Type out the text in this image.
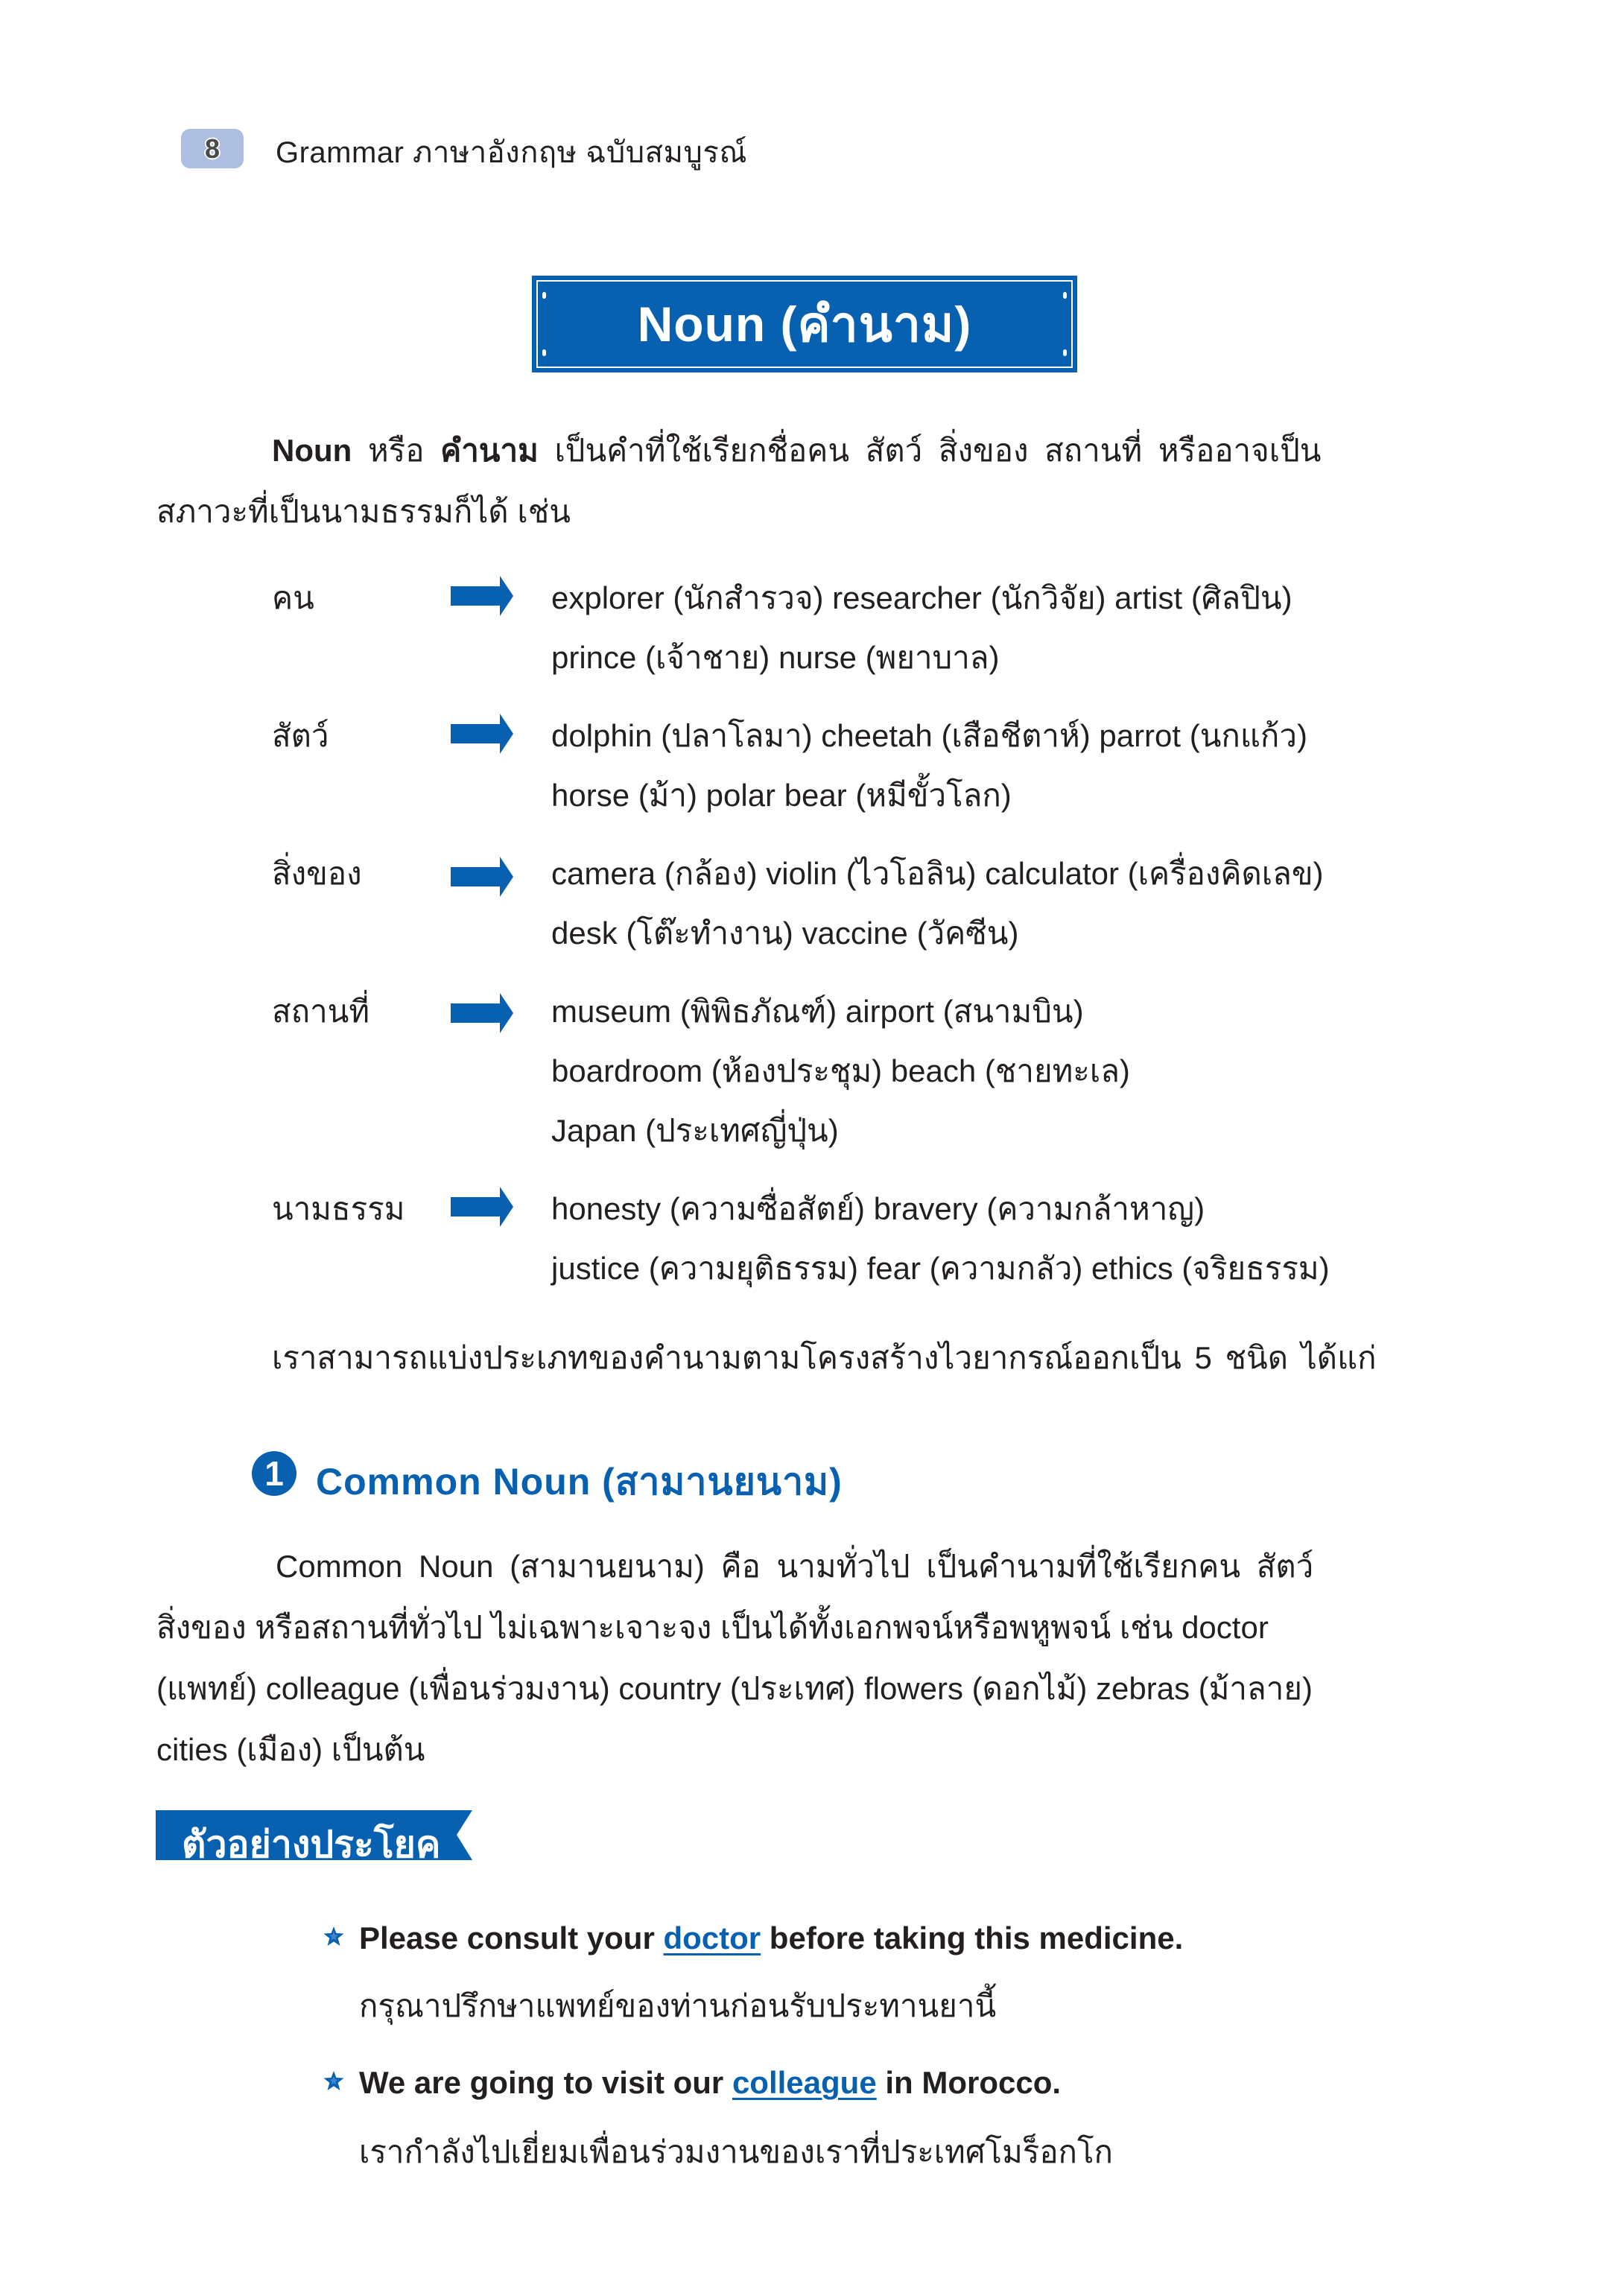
8 Grammar ภาษาอังกฤษ ฉบับสมบูรณ์
Noun (คำนาม)
Noun หรือ คำนาม เป็นคำที่ใช้เรียกชื่อคน สัตว์ สิ่งของ สถานที่ หรืออาจเป็น
สภาวะที่เป็นนามธรรมก็ได้ เช่น
คน	explorer (นักสำรวจ) researcher (นักวิจัย) artist (ศิลปิน)
prince (เจ้าชาย) nurse (พยาบาล)
สัตว์	dolphin (ปลาโลมา) cheetah (เสือชีตาห์) parrot (นกแก้ว)
horse (ม้า) polar bear (หมีขั้วโลก)
สิ่งของ	camera (กล้อง) violin (ไวโอลิน) calculator (เครื่องคิดเลข)
desk (โต๊ะทำงาน) vaccine (วัคซีน)
สถานที่	museum (พิพิธภัณฑ์) airport (สนามบิน)
boardroom (ห้องประชุม) beach (ชายทะเล)
Japan (ประเทศญี่ปุ่น)
นามธรรม	honesty (ความซื่อสัตย์) bravery (ความกล้าหาญ)
justice (ความยุติธรรม) fear (ความกลัว) ethics (จริยธรรม)
เราสามารถแบ่งประเภทของคำนามตามโครงสร้างไวยากรณ์ออกเป็น 5 ชนิด ได้แก่
1 Common Noun (สามานยนาม)
Common Noun (สามานยนาม) คือ นามทั่วไป เป็นคำนามที่ใช้เรียกคน สัตว์
สิ่งของ หรือสถานที่ทั่วไป ไม่เฉพาะเจาะจง เป็นได้ทั้งเอกพจน์หรือพหูพจน์ เช่น doctor
(แพทย์) colleague (เพื่อนร่วมงาน) country (ประเทศ) flowers (ดอกไม้) zebras (ม้าลาย)
cities (เมือง) เป็นต้น
ตัวอย่างประโยค
Please consult your doctor before taking this medicine.
กรุณาปรึกษาแพทย์ของท่านก่อนรับประทานยานี้
We are going to visit our colleague in Morocco.
เรากำลังไปเยี่ยมเพื่อนร่วมงานของเราที่ประเทศโมร็อกโก
